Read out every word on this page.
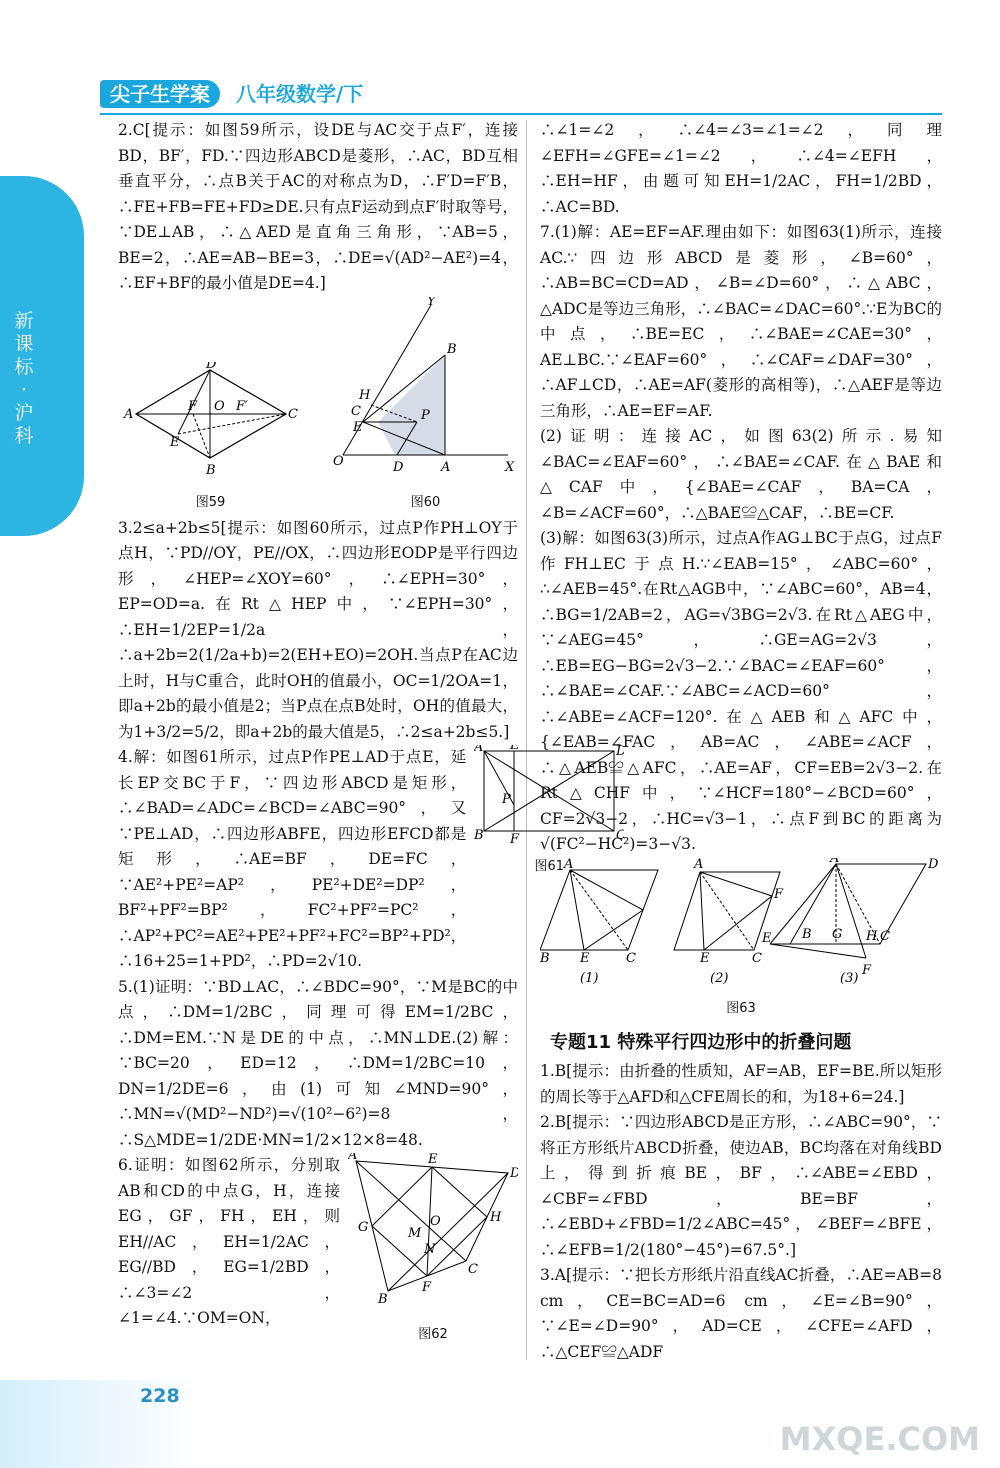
新课标·沪科
尖子生学案	八年级数学/下

2.C[提示：如图59所示，设DE与AC交于点F′，连接BD，BF′，FD.∵四边形ABCD是菱形，∴AC，BD互相垂直平分，∴点B关于AC的对称点为D，∴F′D=F′B，∴FE+FB=FE+FD≥DE.只有点F运动到点F′时取等号，∵DE⊥AB，∴△AED是直角三角形，∵AB=5，BE=2，∴AE=AB−BE=3，∴DE=√(AD²−AE²)=4，∴EF+BF的最小值是DE=4.]

A
D
C
B
E
F O F′
图59
Y
B
H
C
E
P
O	D	A	X
图60

3.2≤a+2b≤5[提示：如图60所示，过点P作PH⊥OY于点H，∵PD//OY，PE//OX，∴四边形EODP是平行四边形，∠HEP=∠XOY=60°，∴∠EPH=30°，EP=OD=a.在Rt△HEP中，∵∠EPH=30°，∴EH=1/2EP=1/2a，∴a+2b=2(1/2a+b)=2(EH+EO)=2OH.当点P在AC边上时，H与C重合，此时OH的值最小，OC=1/2OA=1，即a+2b的最小值是2；当P点在点B处时，OH的值最大，为1+3/2=5/2，即a+2b的最大值是5，∴2≤a+2b≤5.]

4.解：如图61所示，过点P作PE⊥AD于点E，延长EP交BC于F，∵四边形ABCD是矩形，∴∠BAD=∠ADC=∠BCD=∠ABC=90°，又∵PE⊥AD，∴四边形ABFE，四边形EFCD都是矩形，∴AE=BF，DE=FC，∵AE²+PE²=AP²，PE²+DE²=DP²，BF²+PF²=BP²，FC²+PF²=PC²，∴AP²+PC²=AE²+PE²+PF²+FC²=BP²+PD²，∴16+25=1+PD²，∴PD=2√10.

A E
B F
P
图61

5.(1)证明：∵BD⊥AC，∴∠BDC=90°，∵M是BC的中点，∴DM=1/2BC，同理可得EM=1/2BC，∴DM=EM.∵N是DE的中点，∴MN⊥DE.(2)解：∵BC=20，ED=12，∴DM=1/2BC=10，DN=1/2DE=6，由(1)可知∠MND=90°，∴MN=√(MD²−ND²)=√(10²−6²)=8，∴S△MDE=1/2DE·MN=1/2×12×8=48.

6.证明：如图62所示，分别取AB和CD的中点G，H，连接EG，GF，FH，EH，则EH//AC，EH=1/2AC，EG//BD，EG=1/2BD，∴∠3=∠2，∠1=∠4.∵OM=ON，

A	E
G
H
B
F
C
O
M
N
图62

∴∠1=∠2，∴∠4=∠3=∠1=∠2，同理∠EFH=∠GFE=∠1=∠2，∴∠4=∠EFH，∴EH=HF，由题可知EH=1/2AC，FH=1/2BD，∴AC=BD.

7.(1)解：AE=EF=AF.理由如下：如图63(1)所示，连接AC.∵四边形ABCD是菱形，∠B=60°，∴AB=BC=CD=AD，∠B=∠D=60°，∴△ABC，△ADC是等边三角形，∴∠BAC=∠DAC=60°.∵E为BC的中点，∴BE=EC，∴∠BAE=∠CAE=30°，AE⊥BC.∵∠EAF=60°，∴∠CAF=∠DAF=30°，∴AF⊥CD，∴AE=AF(菱形的高相等)，∴△AEF是等边三角形，∴AE=EF=AF.

(2)证明：连接AC，如图63(2)所示.易知∠BAC=∠EAF=60°，∴∠BAE=∠CAF.在△BAE和△CAF中，{∠BAE=∠CAF，BA=CA，∠B=∠ACF=60°，∴△BAE≌△CAF，∴BE=CF.

(3)解：如图63(3)所示，过点A作AG⊥BC于点G，过点F作FH⊥EC于点H.∵∠EAB=15°，∠ABC=60°，∴∠AEB=45°.在Rt△AGB中，∵∠ABC=60°，AB=4，∴BG=1/2AB=2，AG=√3BG=2√3.在Rt△AEG中，∵∠AEG=45°，∴GE=AG=2√3，∴EB=EG−BG=2√3−2.∵∠BAC=∠EAF=60°，∴∠BAE=∠CAF.∵∠ABC=∠ACD=60°，∴∠ABE=∠ACF=120°.在△AEB和△AFC中，{∠EAB=∠FAC，AB=AC，∠ABE=∠ACF，∴△AEB≌△AFC，∴AE=AF，CF=EB=2√3−2.在Rt△CHF中，∵∠HCF=180°−∠BCD=60°，CF=2√3−2，∴HC=√3−1，∴点F到BC的距离为√(FC²−HC²)=3−√3.

A
B E	C
A
E	C
F
A	D
E B G H C
F
(1)	(2)	(3)
图63
专题11 特殊平行四边形中的折叠问题

1.B[提示：由折叠的性质知，AF=AB，EF=BE.所以矩形的周长等于△AFD和△CFE周长的和，为18+6=24.]

2.B[提示：∵四边形ABCD是正方形，∴∠ABC=90°，∵将正方形纸片ABCD折叠，使边AB，BC均落在对角线BD上，得到折痕BE，BF，∴∠ABE=∠EBD，∠CBF=∠FBD，BE=BF，∴∠EBD+∠FBD=1/2∠ABC=45°，∠BEF=∠BFE，∴∠EFB=1/2(180°−45°)=67.5°.]

3.A[提示：∵把长方形纸片沿直线AC折叠，∴AE=AB=8 cm，CE=BC=AD=6 cm，∠E=∠B=90°，∵∠E=∠D=90°，AD=CE，∠CFE=∠AFD，∴△CEF≌△ADF

228
MXQE.COM
